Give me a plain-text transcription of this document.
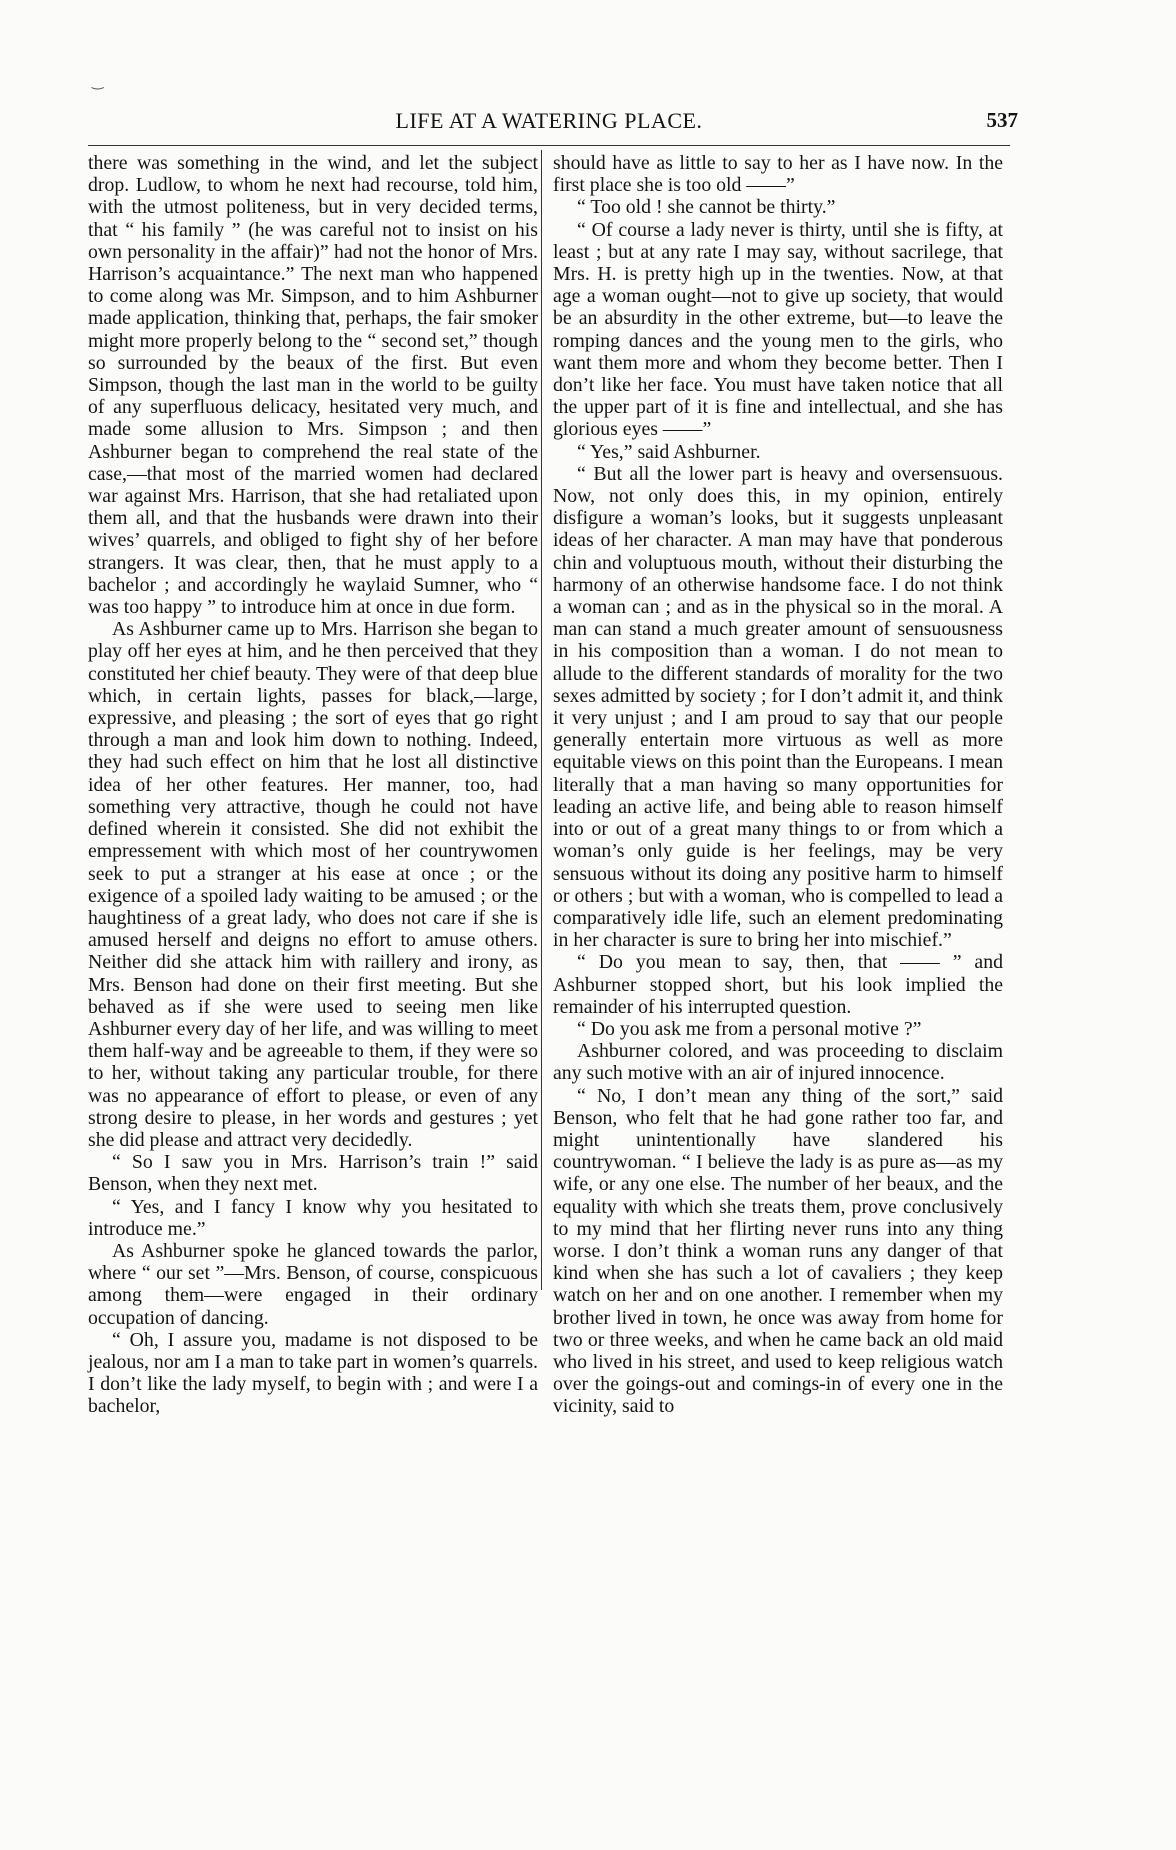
‿
LIFE AT A WATERING PLACE.	537

there was something in the wind, and let the subject drop. Ludlow, to whom he next had recourse, told him, with the utmost politeness, but in very decided terms, that “ his family ” (he was careful not to insist on his own personality in the affair)” had not the honor of Mrs. Harrison’s acquaintance.” The next man who happened to come along was Mr. Simpson, and to him Ashburner made application, thinking that, perhaps, the fair smoker might more properly belong to the “ second set,” though so surrounded by the beaux of the first. But even Simpson, though the last man in the world to be guilty of any superfluous delicacy, hesitated very much, and made some allusion to Mrs. Simpson ; and then Ashburner began to comprehend the real state of the case,—that most of the married women had declared war against Mrs. Harrison, that she had retaliated upon them all, and that the husbands were drawn into their wives’ quarrels, and obliged to fight shy of her before strangers. It was clear, then, that he must apply to a bachelor ; and accordingly he waylaid Sumner, who “ was too happy ” to introduce him at once in due form.

As Ashburner came up to Mrs. Harrison she began to play off her eyes at him, and he then perceived that they constituted her chief beauty. They were of that deep blue which, in certain lights, passes for black,—large, expressive, and pleasing ; the sort of eyes that go right through a man and look him down to nothing. Indeed, they had such effect on him that he lost all distinctive idea of her other features. Her manner, too, had something very attractive, though he could not have defined wherein it consisted. She did not exhibit the empressement with which most of her countrywomen seek to put a stranger at his ease at once ; or the exigence of a spoiled lady waiting to be amused ; or the haughtiness of a great lady, who does not care if she is amused herself and deigns no effort to amuse others. Neither did she attack him with raillery and irony, as Mrs. Benson had done on their first meeting. But she behaved as if she were used to seeing men like Ashburner every day of her life, and was willing to meet them half-way and be agreeable to them, if they were so to her, without taking any particular trouble, for there was no appearance of effort to please, or even of any strong desire to please, in her words and gestures ; yet she did please and attract very decidedly.

“ So I saw you in Mrs. Harrison’s train !” said Benson, when they next met.

“ Yes, and I fancy I know why you hesitated to introduce me.”

As Ashburner spoke he glanced towards the parlor, where “ our set ”—Mrs. Benson, of course, conspicuous among them—were engaged in their ordinary occupation of dancing.

“ Oh, I assure you, madame is not disposed to be jealous, nor am I a man to take part in women’s quarrels. I don’t like the lady myself, to begin with ; and were I a bachelor,

should have as little to say to her as I have now. In the first place she is too old ——”

“ Too old ! she cannot be thirty.”

“ Of course a lady never is thirty, until she is fifty, at least ; but at any rate I may say, without sacrilege, that Mrs. H. is pretty high up in the twenties. Now, at that age a woman ought—not to give up society, that would be an absurdity in the other extreme, but—to leave the romping dances and the young men to the girls, who want them more and whom they become better. Then I don’t like her face. You must have taken notice that all the upper part of it is fine and intellectual, and she has glorious eyes ——”

“ Yes,” said Ashburner.

“ But all the lower part is heavy and oversensuous. Now, not only does this, in my opinion, entirely disfigure a woman’s looks, but it suggests unpleasant ideas of her character. A man may have that ponderous chin and voluptuous mouth, without their disturbing the harmony of an otherwise handsome face. I do not think a woman can ; and as in the physical so in the moral. A man can stand a much greater amount of sensuousness in his composition than a woman. I do not mean to allude to the different standards of morality for the two sexes admitted by society ; for I don’t admit it, and think it very unjust ; and I am proud to say that our people generally entertain more virtuous as well as more equitable views on this point than the Europeans. I mean literally that a man having so many opportunities for leading an active life, and being able to reason himself into or out of a great many things to or from which a woman’s only guide is her feelings, may be very sensuous without its doing any positive harm to himself or others ; but with a woman, who is compelled to lead a comparatively idle life, such an element predominating in her character is sure to bring her into mischief.”

“ Do you mean to say, then, that —— ” and Ashburner stopped short, but his look implied the remainder of his interrupted question.

“ Do you ask me from a personal motive ?”

Ashburner colored, and was proceeding to disclaim any such motive with an air of injured innocence.

“ No, I don’t mean any thing of the sort,” said Benson, who felt that he had gone rather too far, and might unintentionally have slandered his countrywoman. “ I believe the lady is as pure as—as my wife, or any one else. The number of her beaux, and the equality with which she treats them, prove conclusively to my mind that her flirting never runs into any thing worse. I don’t think a woman runs any danger of that kind when she has such a lot of cavaliers ; they keep watch on her and on one another. I remember when my brother lived in town, he once was away from home for two or three weeks, and when he came back an old maid who lived in his street, and used to keep religious watch over the goings-out and comings-in of every one in the vicinity, said to
